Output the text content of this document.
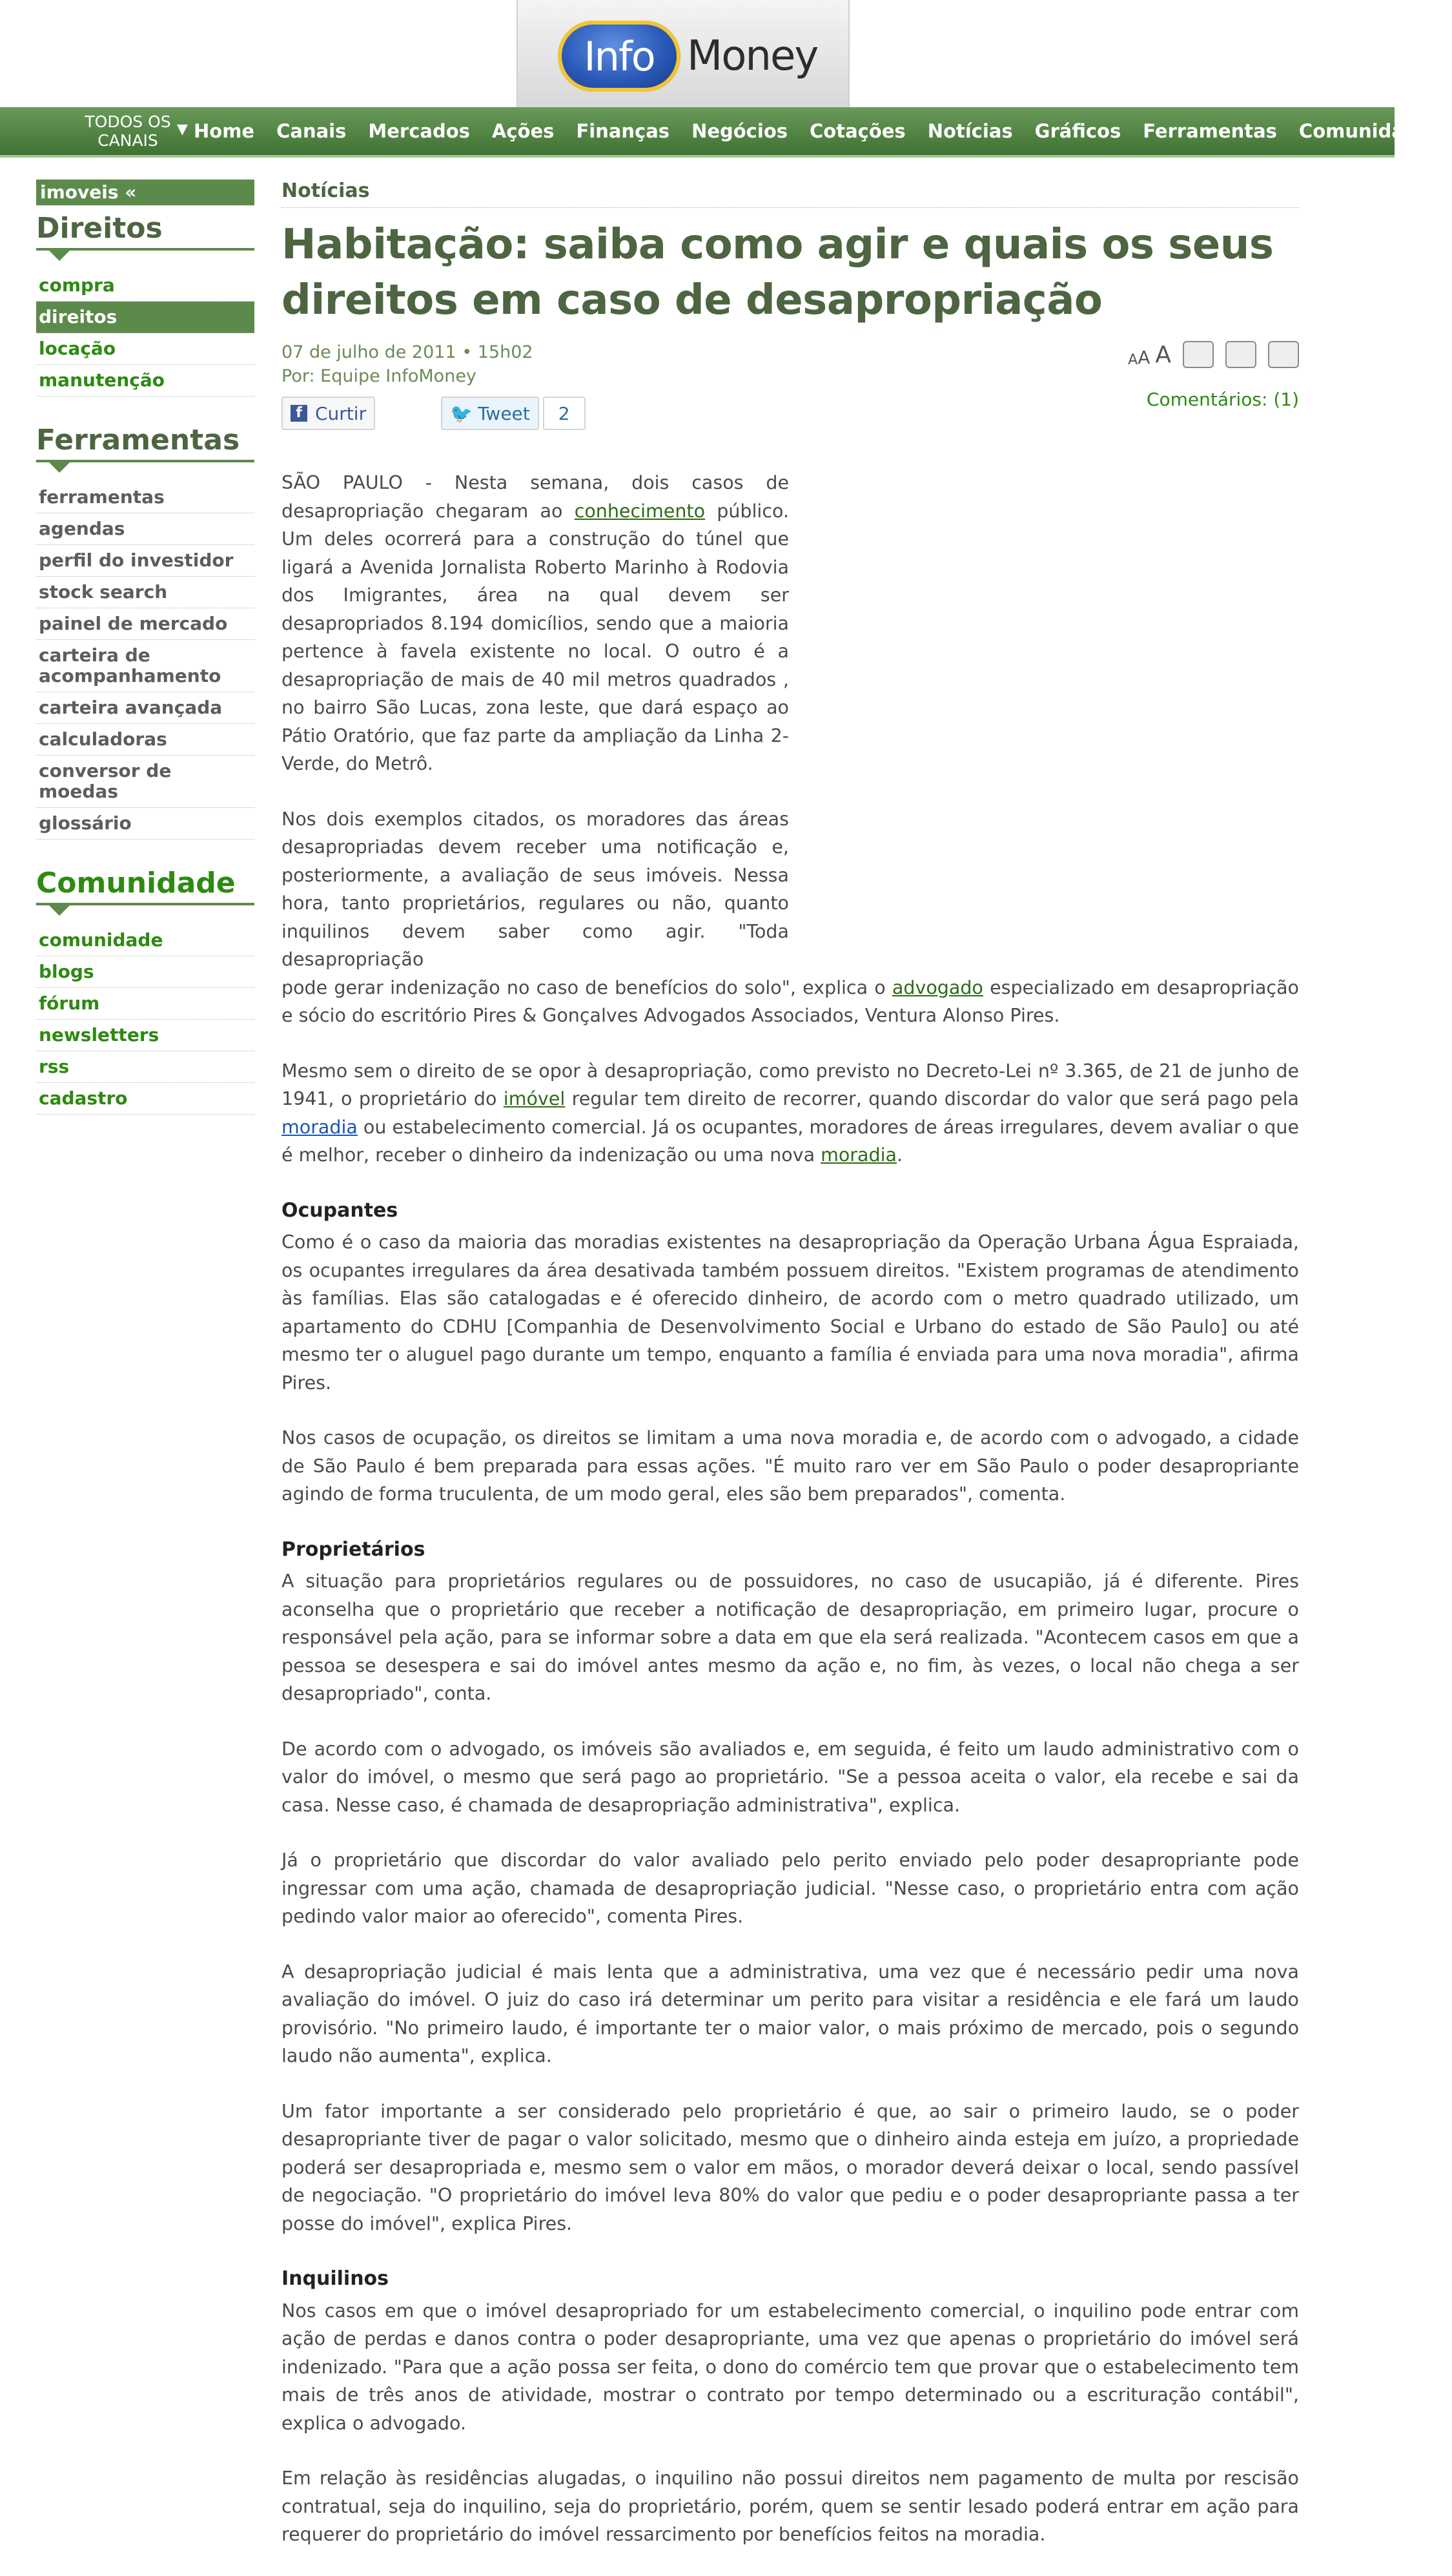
Info Money
TODOS OS
CANAIS
▼ Home Canais Mercados Ações Finanças Negócios Cotações Notícias Gráficos Ferramentas Comunidade
imoveis «
Direitos
compra
direitos
locação
manutenção
Ferramentas
ferramentas
agendas
perfil do investidor
stock search
painel de mercado
carteira de acompanhamento
carteira avançada
calculadoras
conversor de moedas
glossário
Comunidade
comunidade
blogs
fórum
newsletters
rss
cadastro
Notícias
Habitação: saiba como agir e quais os seus direitos em caso de desapropriação
07 de julho de 2011 • 15h02
Por: Equipe InfoMoney
A A A
Comentários: (1)
f Curtir	🐦 Tweet	2

SÃO PAULO - Nesta semana, dois casos de desapropriação chegaram ao conhecimento público. Um deles ocorrerá para a construção do túnel que ligará a Avenida Jornalista Roberto Marinho à Rodovia dos Imigrantes, área na qual devem ser desapropriados 8.194 domicílios, sendo que a maioria pertence à favela existente no local. O outro é a desapropriação de mais de 40 mil metros quadrados , no bairro São Lucas, zona leste, que dará espaço ao Pátio Oratório, que faz parte da ampliação da Linha 2-Verde, do Metrô.

Nos dois exemplos citados, os moradores das áreas desapropriadas devem receber uma notificação e, posteriormente, a avaliação de seus imóveis. Nessa hora, tanto proprietários, regulares ou não, quanto inquilinos devem saber como agir. "Toda desapropriação

pode gerar indenização no caso de benefícios do solo", explica o advogado especializado em desapropriação e sócio do escritório Pires & Gonçalves Advogados Associados, Ventura Alonso Pires.

Mesmo sem o direito de se opor à desapropriação, como previsto no Decreto-Lei nº 3.365, de 21 de junho de 1941, o proprietário do imóvel regular tem direito de recorrer, quando discordar do valor que será pago pela moradia ou estabelecimento comercial. Já os ocupantes, moradores de áreas irregulares, devem avaliar o que é melhor, receber o dinheiro da indenização ou uma nova moradia.

Ocupantes

Como é o caso da maioria das moradias existentes na desapropriação da Operação Urbana Água Espraiada, os ocupantes irregulares da área desativada também possuem direitos. "Existem programas de atendimento às famílias. Elas são catalogadas e é oferecido dinheiro, de acordo com o metro quadrado utilizado, um apartamento do CDHU [Companhia de Desenvolvimento Social e Urbano do estado de São Paulo] ou até mesmo ter o aluguel pago durante um tempo, enquanto a família é enviada para uma nova moradia", afirma Pires.

Nos casos de ocupação, os direitos se limitam a uma nova moradia e, de acordo com o advogado, a cidade de São Paulo é bem preparada para essas ações. "É muito raro ver em São Paulo o poder desapropriante agindo de forma truculenta, de um modo geral, eles são bem preparados", comenta.

Proprietários

A situação para proprietários regulares ou de possuidores, no caso de usucapião, já é diferente. Pires aconselha que o proprietário que receber a notificação de desapropriação, em primeiro lugar, procure o responsável pela ação, para se informar sobre a data em que ela será realizada. "Acontecem casos em que a pessoa se desespera e sai do imóvel antes mesmo da ação e, no fim, às vezes, o local não chega a ser desapropriado", conta.

De acordo com o advogado, os imóveis são avaliados e, em seguida, é feito um laudo administrativo com o valor do imóvel, o mesmo que será pago ao proprietário. "Se a pessoa aceita o valor, ela recebe e sai da casa. Nesse caso, é chamada de desapropriação administrativa", explica.

Já o proprietário que discordar do valor avaliado pelo perito enviado pelo poder desapropriante pode ingressar com uma ação, chamada de desapropriação judicial. "Nesse caso, o proprietário entra com ação pedindo valor maior ao oferecido", comenta Pires.

A desapropriação judicial é mais lenta que a administrativa, uma vez que é necessário pedir uma nova avaliação do imóvel. O juiz do caso irá determinar um perito para visitar a residência e ele fará um laudo provisório. "No primeiro laudo, é importante ter o maior valor, o mais próximo de mercado, pois o segundo laudo não aumenta", explica.

Um fator importante a ser considerado pelo proprietário é que, ao sair o primeiro laudo, se o poder desapropriante tiver de pagar o valor solicitado, mesmo que o dinheiro ainda esteja em juízo, a propriedade poderá ser desapropriada e, mesmo sem o valor em mãos, o morador deverá deixar o local, sendo passível de negociação. "O proprietário do imóvel leva 80% do valor que pediu e o poder desapropriante passa a ter posse do imóvel", explica Pires.

Inquilinos

Nos casos em que o imóvel desapropriado for um estabelecimento comercial, o inquilino pode entrar com ação de perdas e danos contra o poder desapropriante, uma vez que apenas o proprietário do imóvel será indenizado. "Para que a ação possa ser feita, o dono do comércio tem que provar que o estabelecimento tem mais de três anos de atividade, mostrar o contrato por tempo determinado ou a escrituração contábil", explica o advogado.

Em relação às residências alugadas, o inquilino não possui direitos nem pagamento de multa por rescisão contratual, seja do inquilino, seja do proprietário, porém, quem se sentir lesado poderá entrar em ação para requerer do proprietário do imóvel ressarcimento por benefícios feitos na moradia.
